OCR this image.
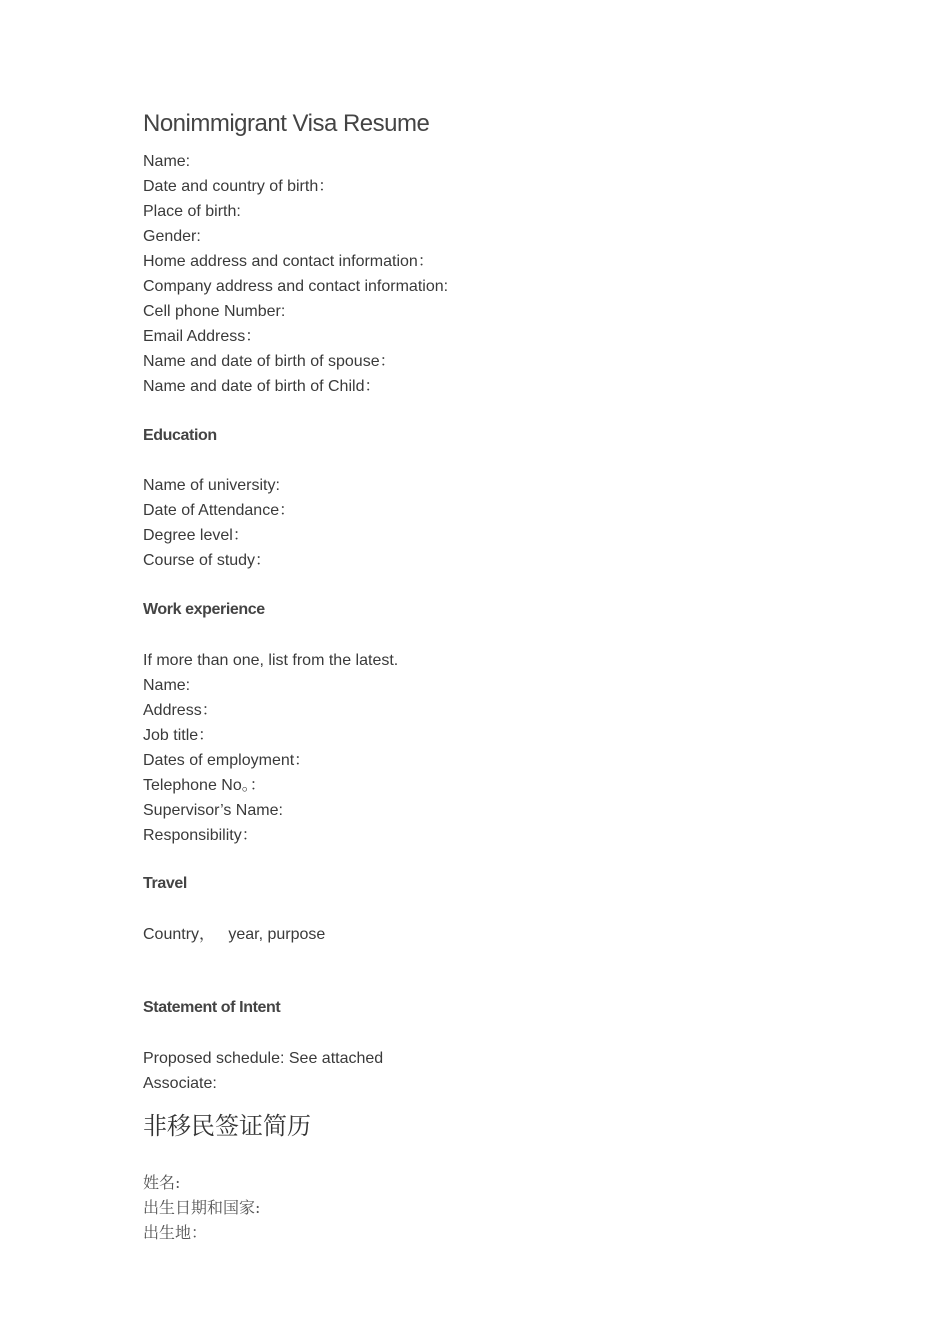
Nonimmigrant Visa Resume
Name:
Date and country of birth：
Place of birth:
Gender:
Home address and contact information：
Company address and contact information:
Cell phone Number:
Email Address：
Name and date of birth of spouse：
Name and date of birth of Child：
Education
Name of university:
Date of Attendance：
Degree level：
Course of study：
Work experience
If more than one, list from the latest.
Name:
Address：
Job title：
Dates of employment：
Telephone No。：
Supervisor’s Name:
Responsibility：
Travel
Country，   year, purpose
Statement of Intent
Proposed schedule: See attached
Associate:
非移民签证简历
姓名:
出生日期和国家:
出生地：
